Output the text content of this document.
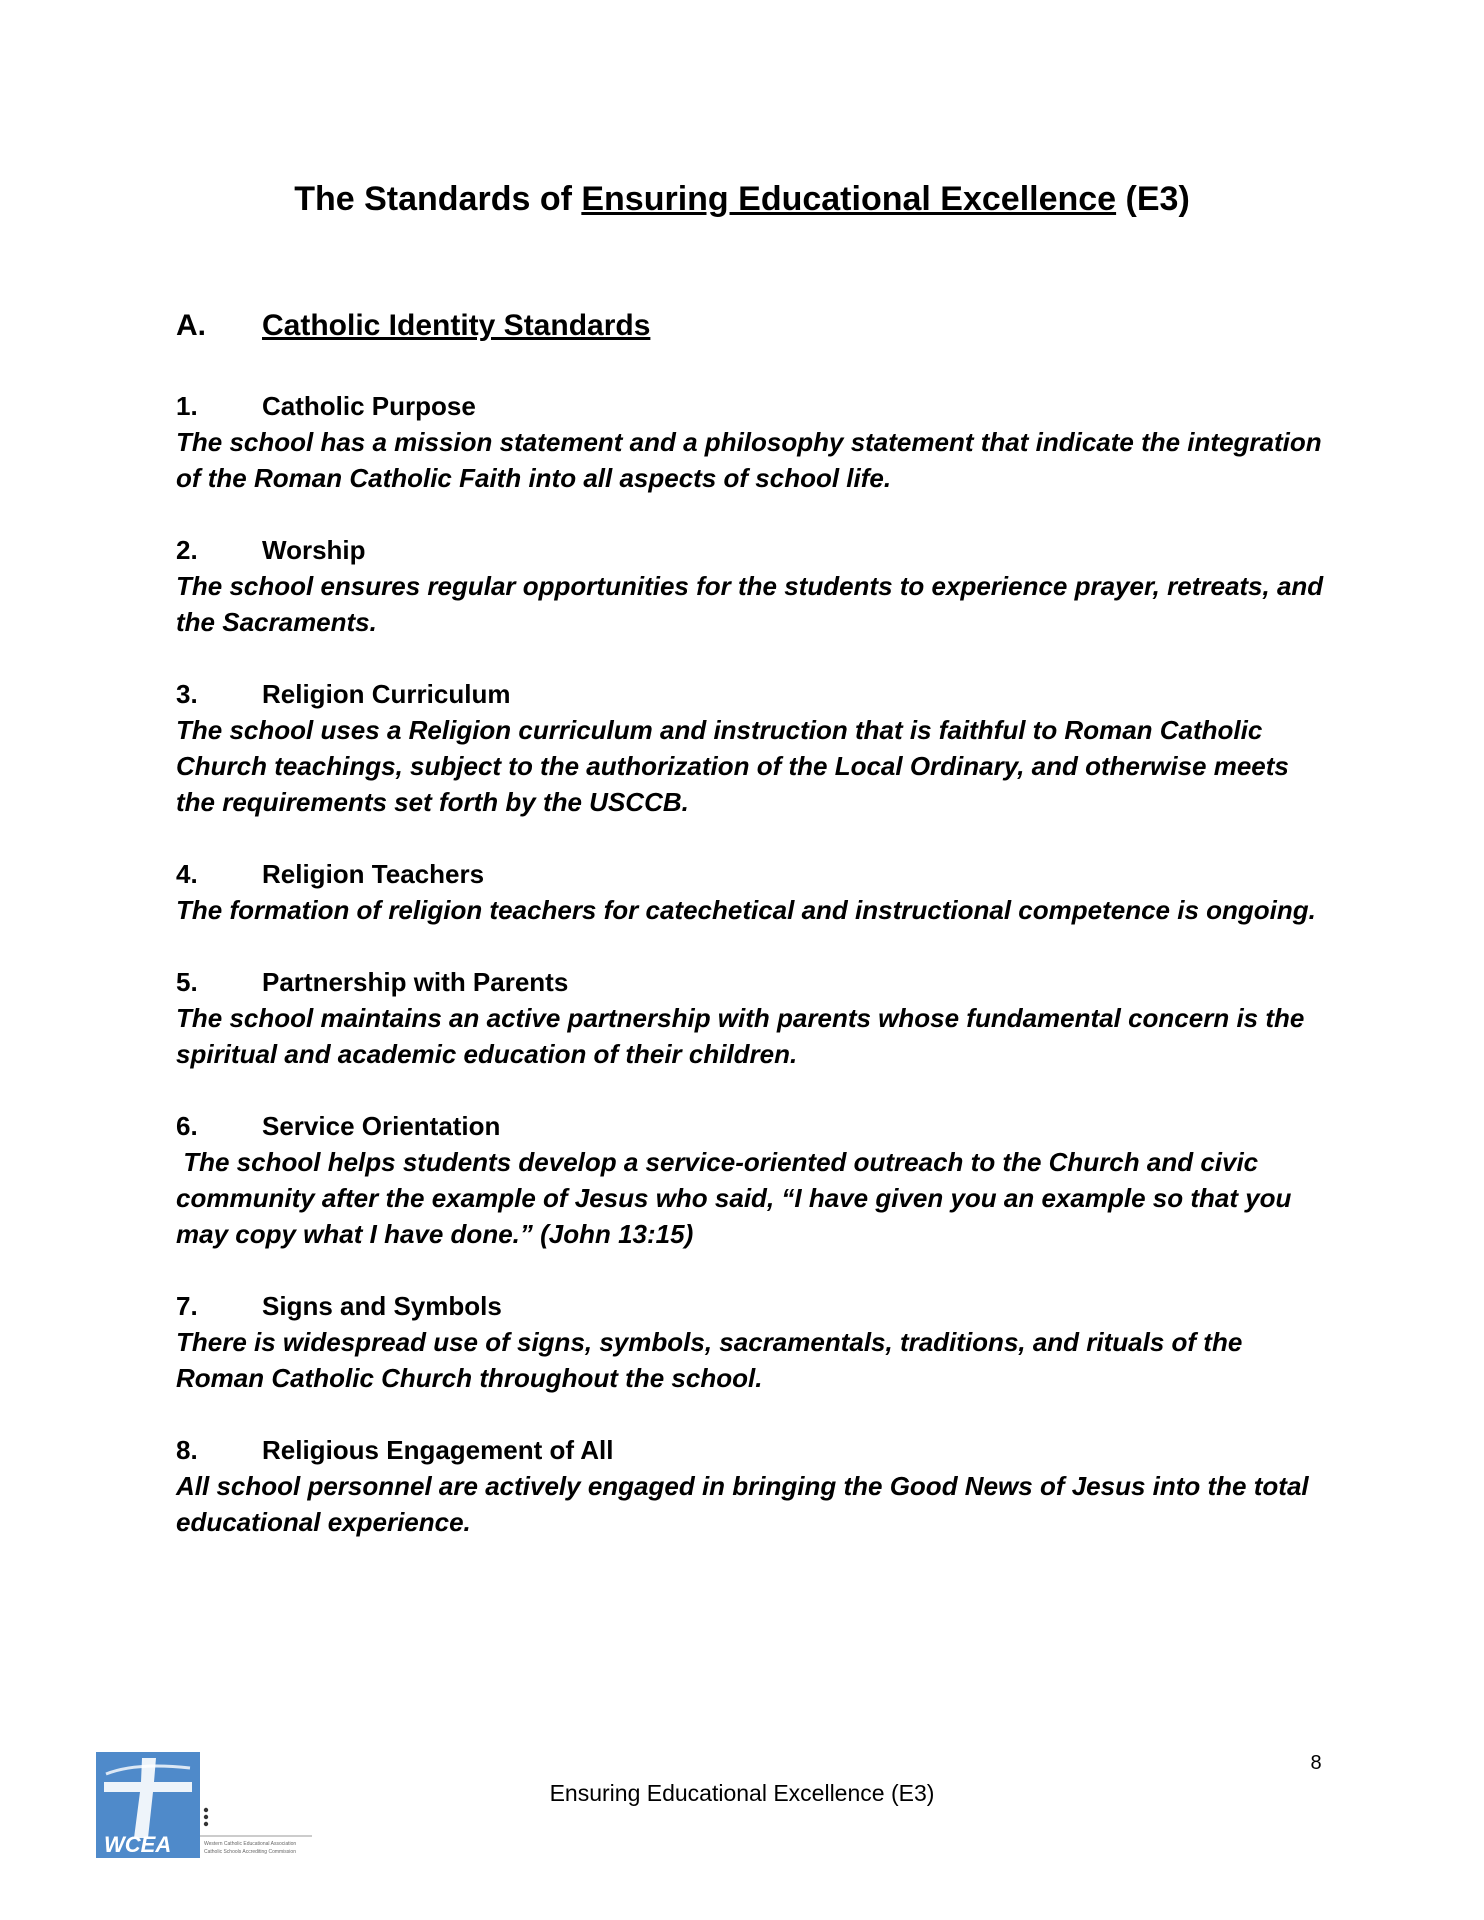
The Standards of Ensuring Educational Excellence (E3)
A. Catholic Identity Standards

1. Catholic Purpose

The school has a mission statement and a philosophy statement that indicate the integration of the Roman Catholic Faith into all aspects of school life.

2. Worship

The school ensures regular opportunities for the students to experience prayer, retreats, and the Sacraments.

3. Religion Curriculum

The school uses a Religion curriculum and instruction that is faithful to Roman Catholic Church teachings, subject to the authorization of the Local Ordinary, and otherwise meets the requirements set forth by the USCCB.

4. Religion Teachers

The formation of religion teachers for catechetical and instructional competence is ongoing.

5. Partnership with Parents

The school maintains an active partnership with parents whose fundamental concern is the spiritual and academic education of their children.

6. Service Orientation

The school helps students develop a service-oriented outreach to the Church and civic community after the example of Jesus who said, “I have given you an example so that you may copy what I have done.” (John 13:15)

7. Signs and Symbols

There is widespread use of signs, symbols, sacramentals, traditions, and rituals of the Roman Catholic Church throughout the school.

8. Religious Engagement of All

All school personnel are actively engaged in bringing the Good News of Jesus into the total educational experience.

WCEA	Western Catholic Educational Association
Catholic Schools Accrediting Commission
Ensuring Educational Excellence (E3)
8
